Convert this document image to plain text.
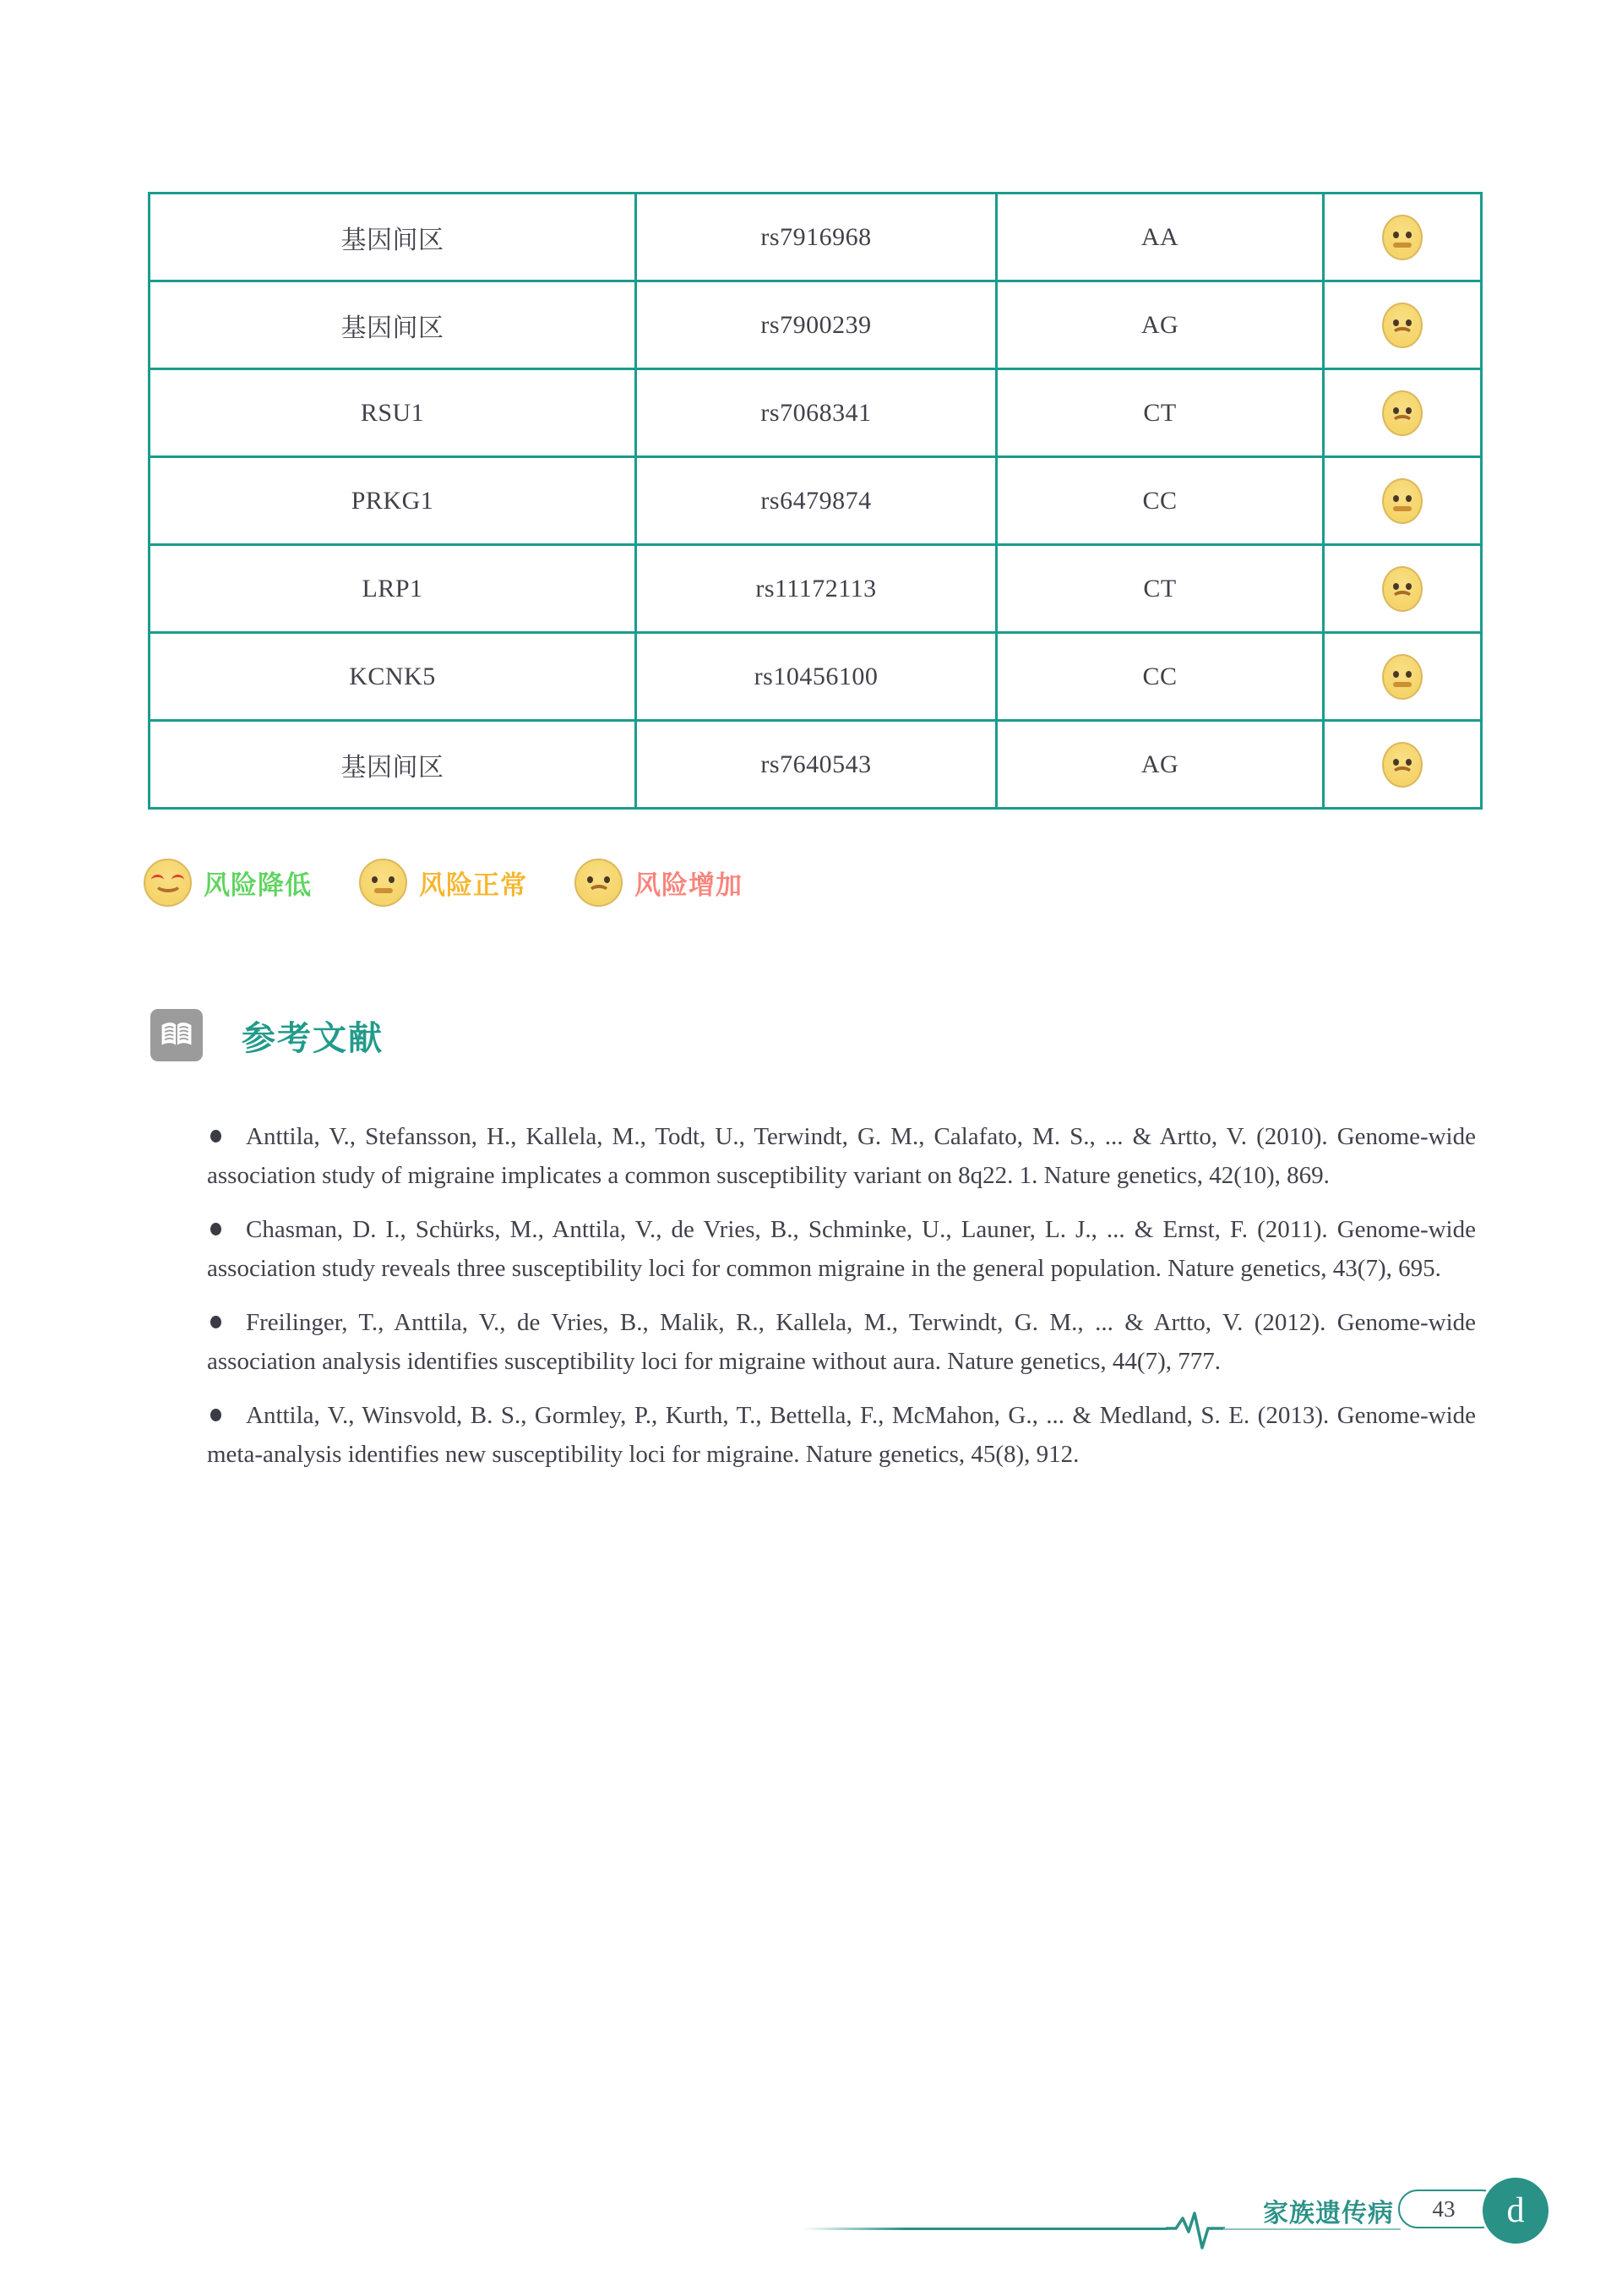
基因间区	rs7916968	AA
基因间区	rs7900239	AG
RSU1	rs7068341	CT
PRKG1	rs6479874	CC
LRP1	rs11172113	CT
KCNK5	rs10456100	CC
基因间区	rs7640543	AG
风险降低	风险正常	风险增加
参考文献
Anttila, V., Stefansson, H., Kallela, M., Todt, U., Terwindt, G. M., Calafato, M. S., ... & Artto, V. (2010). Genome-wide association study of migraine implicates a common susceptibility variant on 8q22. 1. Nature genetics, 42(10), 869.
Chasman, D. I., Schürks, M., Anttila, V., de Vries, B., Schminke, U., Launer, L. J., ... & Ernst, F. (2011). Genome-wide association study reveals three susceptibility loci for common migraine in the general population. Nature genetics, 43(7), 695.
Freilinger, T., Anttila, V., de Vries, B., Malik, R., Kallela, M., Terwindt, G. M., ... & Artto, V. (2012). Genome-wide association analysis identifies susceptibility loci for migraine without aura. Nature genetics, 44(7), 777.
Anttila, V., Winsvold, B. S., Gormley, P., Kurth, T., Bettella, F., McMahon, G., ... & Medland, S. E. (2013). Genome-wide meta-analysis identifies new susceptibility loci for migraine. Nature genetics, 45(8), 912.
家族遗传病 43	d
